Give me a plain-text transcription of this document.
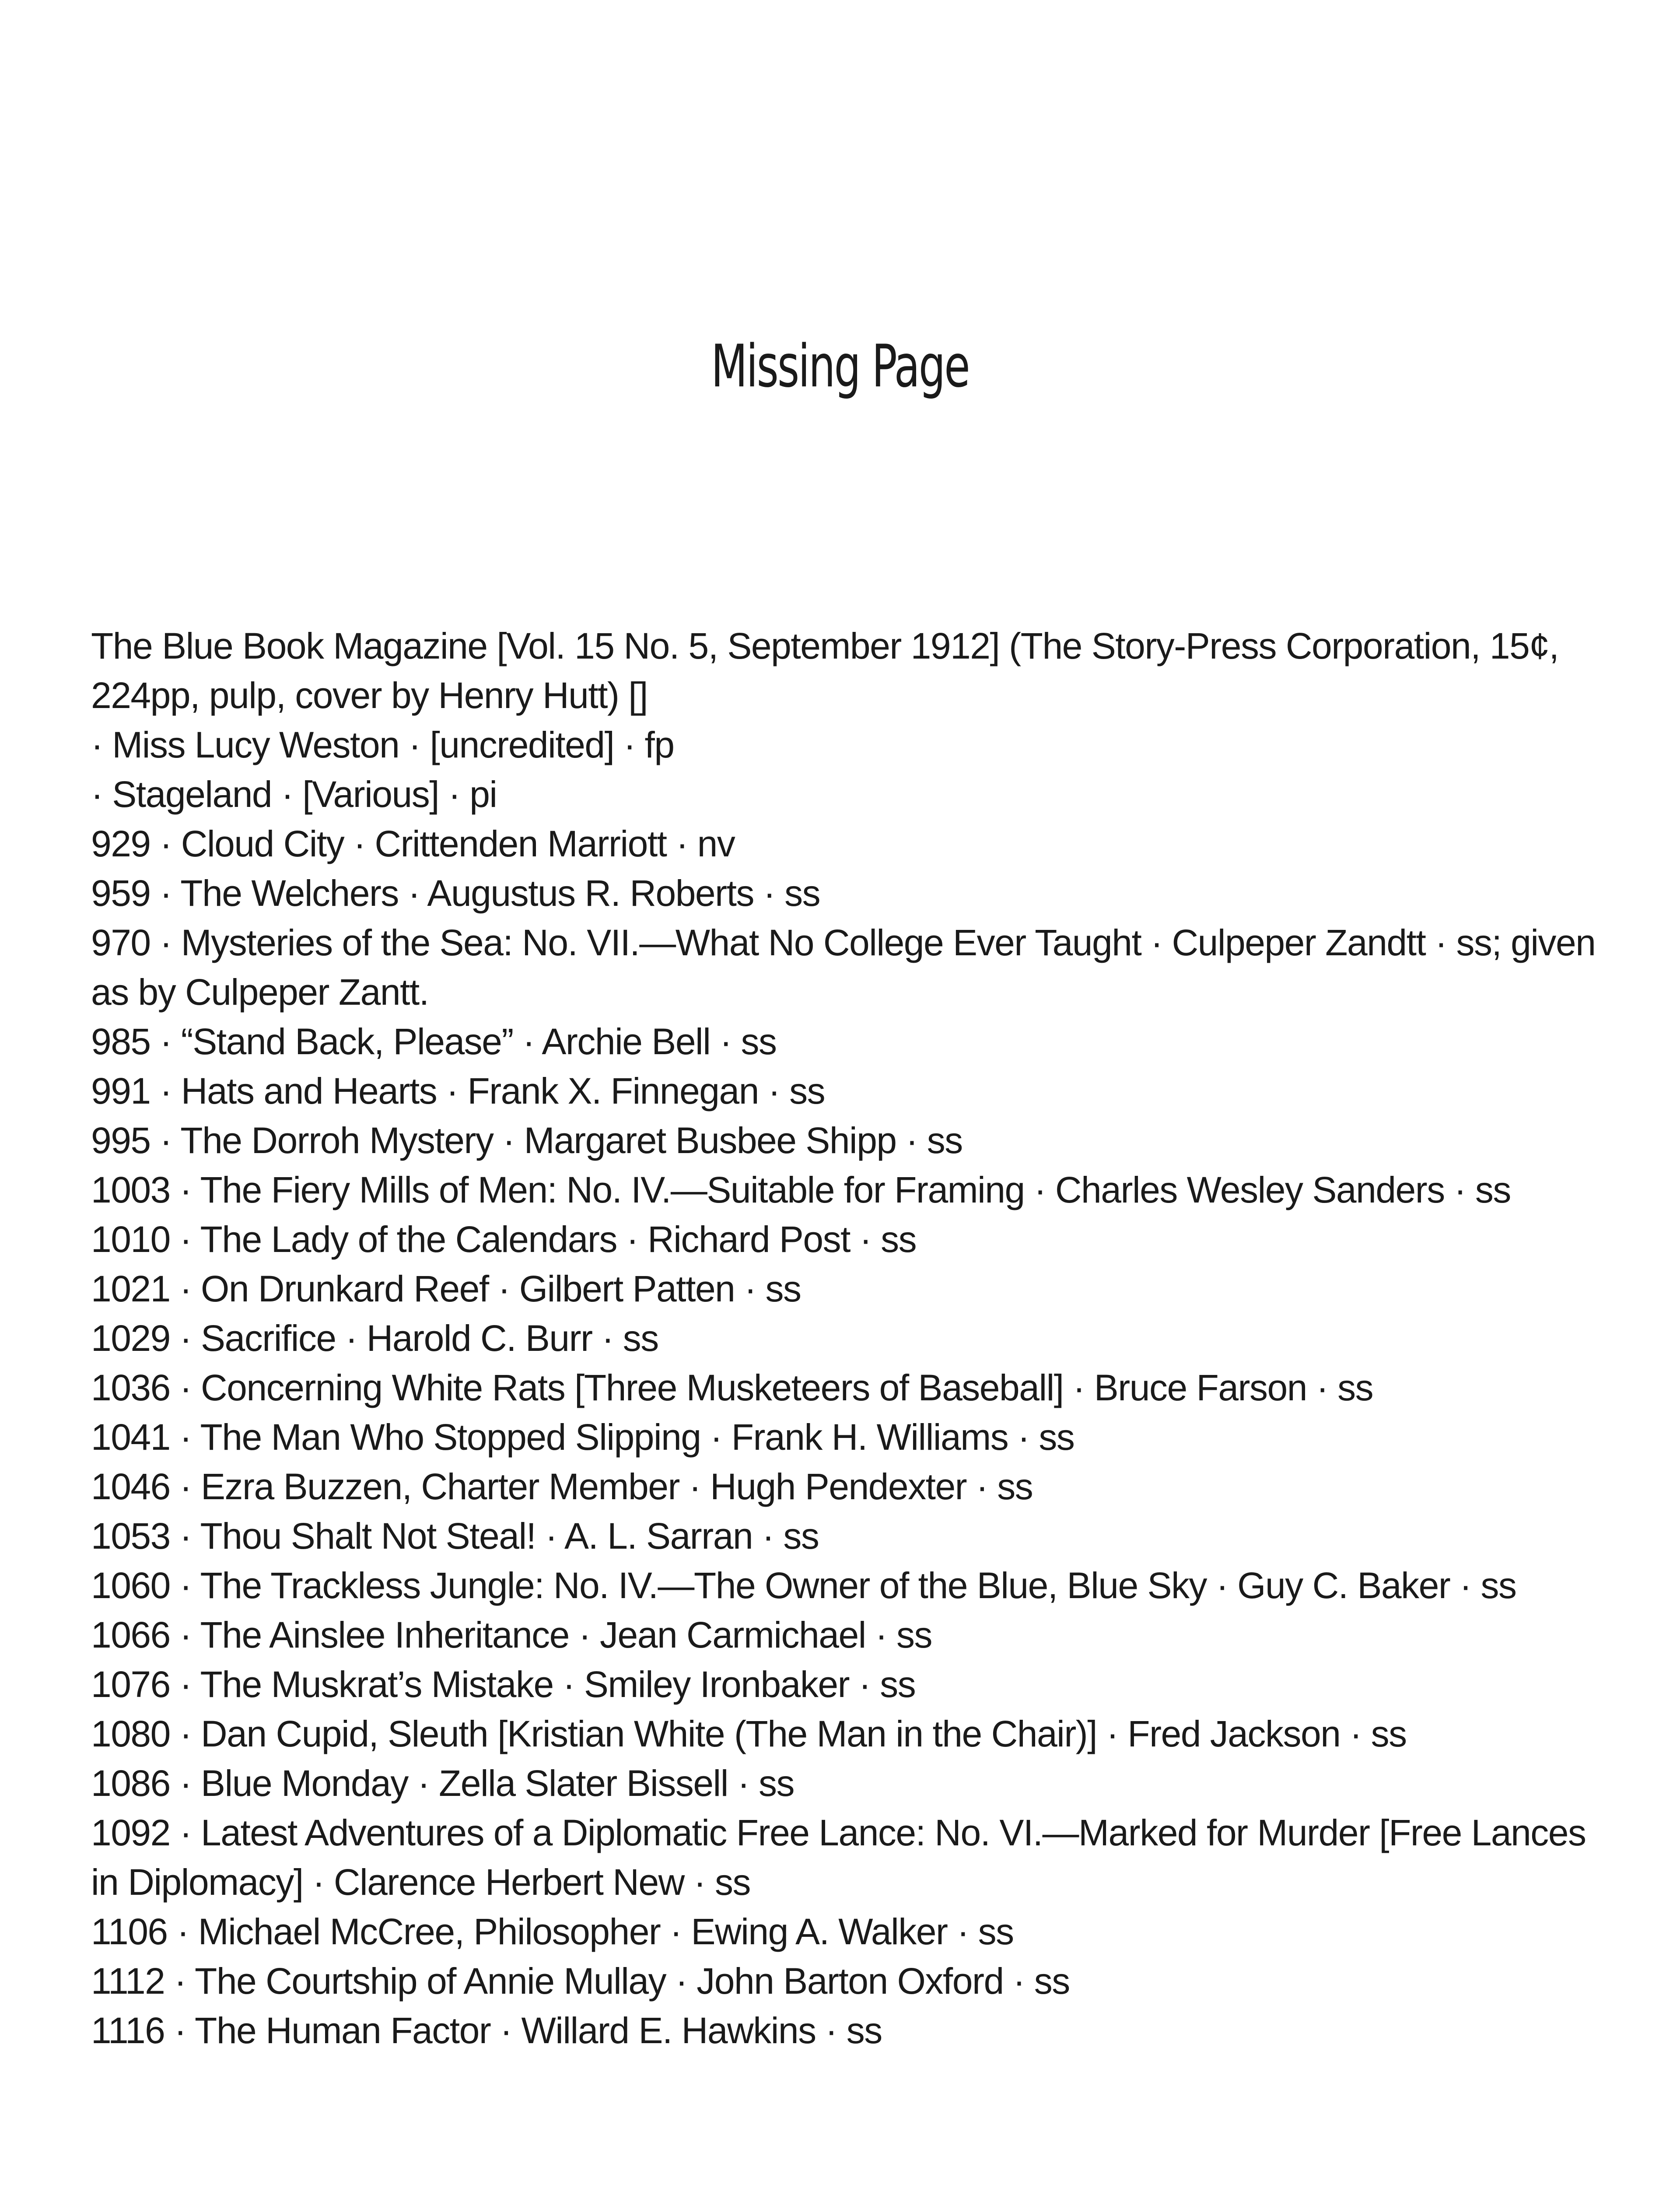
Missing Page

The Blue Book Magazine [Vol. 15 No. 5, September 1912] (The Story-Press Corporation, 15¢, 224pp, pulp, cover by Henry Hutt) []

· Miss Lucy Weston · [uncredited] · fp

· Stageland · [Various] · pi

929 · Cloud City · Crittenden Marriott · nv

959 · The Welchers · Augustus R. Roberts · ss

970 · Mysteries of the Sea: No. VII.—What No College Ever Taught · Culpeper Zandtt · ss; given as by Culpeper Zantt.

985 · “Stand Back, Please” · Archie Bell · ss

991 · Hats and Hearts · Frank X. Finnegan · ss

995 · The Dorroh Mystery · Margaret Busbee Shipp · ss

1003 · The Fiery Mills of Men: No. IV.—Suitable for Framing · Charles Wesley Sanders · ss

1010 · The Lady of the Calendars · Richard Post · ss

1021 · On Drunkard Reef · Gilbert Patten · ss

1029 · Sacrifice · Harold C. Burr · ss

1036 · Concerning White Rats [Three Musketeers of Baseball] · Bruce Farson · ss

1041 · The Man Who Stopped Slipping · Frank H. Williams · ss

1046 · Ezra Buzzen, Charter Member · Hugh Pendexter · ss

1053 · Thou Shalt Not Steal! · A. L. Sarran · ss

1060 · The Trackless Jungle: No. IV.—The Owner of the Blue, Blue Sky · Guy C. Baker · ss

1066 · The Ainslee Inheritance · Jean Carmichael · ss

1076 · The Muskrat’s Mistake · Smiley Ironbaker · ss

1080 · Dan Cupid, Sleuth [Kristian White (The Man in the Chair)] · Fred Jackson · ss

1086 · Blue Monday · Zella Slater Bissell · ss

1092 · Latest Adventures of a Diplomatic Free Lance: No. VI.—Marked for Murder [Free Lances in Diplomacy] · Clarence Herbert New · ss

1106 · Michael McCree, Philosopher · Ewing A. Walker · ss

1112 · The Courtship of Annie Mullay · John Barton Oxford · ss

1116 · The Human Factor · Willard E. Hawkins · ss
